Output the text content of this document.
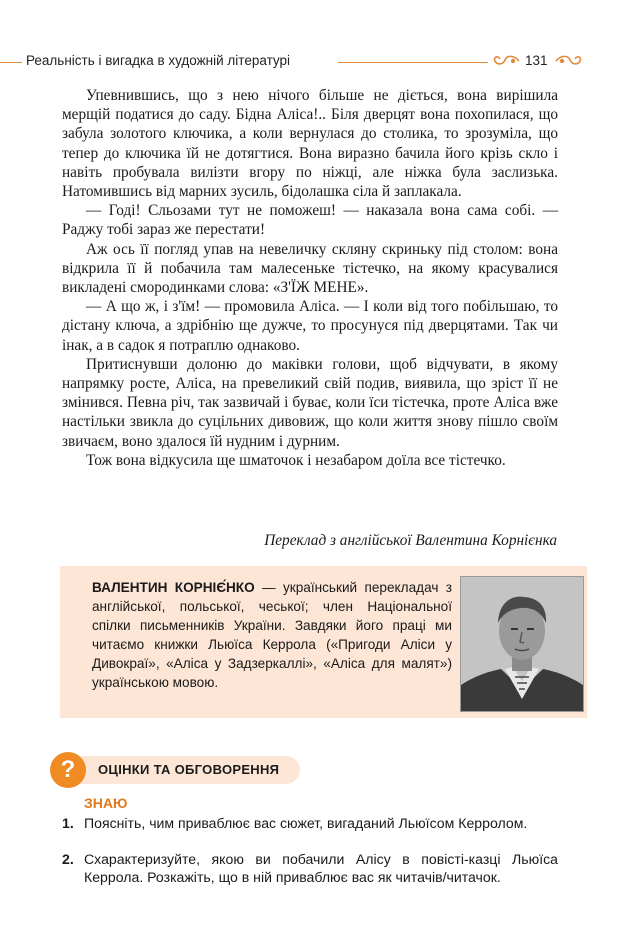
Реальність і вигадка в художній літературі	131

Упевнившись, що з нею нічого більше не діється, вона вирішила мерщій податися до саду. Бідна Аліса!.. Біля дверцят вона похопилася, що забула золотого ключика, а коли вернулася до столика, то зрозуміла, що тепер до ключика їй не дотягтися. Вона виразно бачила його крізь скло і навіть пробувала вилізти вгору по ніжці, але ніжка була заслизька. Натомившись від марних зусиль, бідолашка сіла й заплакала.

— Годі! Сльозами тут не поможеш! — наказала вона сама собі. — Раджу тобі зараз же перестати!

Аж ось її погляд упав на невеличку скляну скриньку під столом: вона відкрила її й побачила там малесеньке тістечко, на якому красувалися викладені смородинками слова: «З'ЇЖ МЕНЕ».

— А що ж, і з'їм! — промовила Аліса. — І коли від того побільшаю, то дістану ключа, а здрібнію ще дужче, то просунуся під дверцятами. Так чи інак, а в садок я потраплю однаково.

Притиснувши долоню до маківки голови, щоб відчувати, в якому напрямку росте, Аліса, на превеликий свій подив, виявила, що зріст її не змінився. Певна річ, так зазвичай і буває, коли їси тістечка, проте Аліса вже настільки звикла до суцільних дивовиж, що коли життя знову пішло своїм звичаєм, воно здалося їй нудним і дурним.

Тож вона відкусила ще шматочок і незабаром доїла все тістечко.

Переклад з англійської Валентина Корнієнка
ВАЛЕНТИН КОРНІЄ́НКО — український перекладач з англійської, польської, чеської; член Національної спілки письменників України. Завдяки його праці ми читаємо книжки Льюїса Керрола («Пригоди Аліси у Дивокраї», «Аліса у Задзеркаллі», «Аліса для малят») українською мовою.
?	ОЦІНКИ ТА ОБГОВОРЕННЯ
ЗНАЮ
1. Поясніть, чим приваблює вас сюжет, вигаданий Льюїсом Керролом.
2. Схарактеризуйте, якою ви побачили Алісу в повісті-казці Льюїса Керрола. Розкажіть, що в ній приваблює вас як читачів/читачок.
